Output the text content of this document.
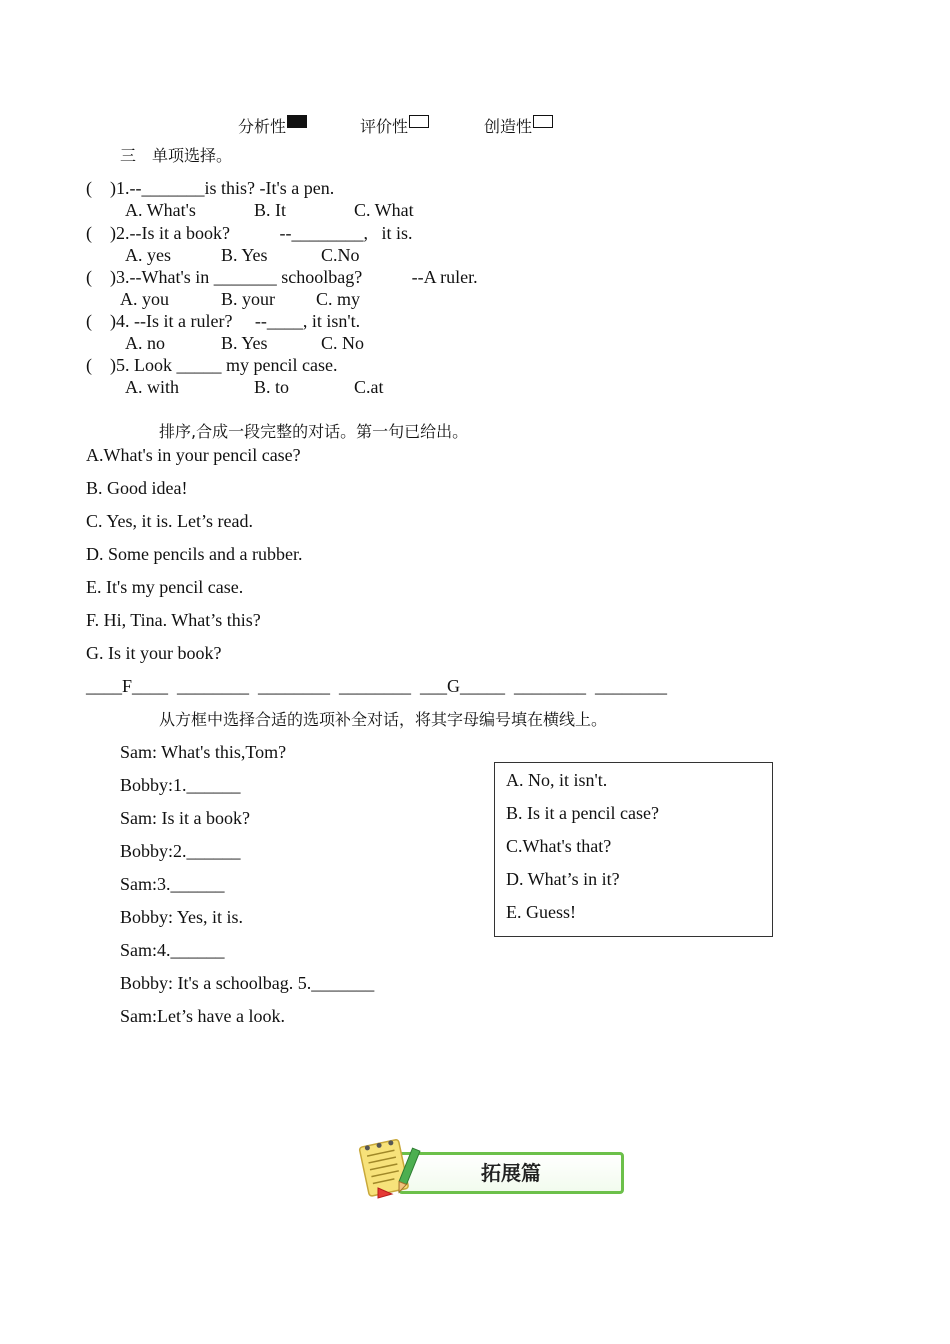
分析性	评价性	创造性
三　单项选择。
(    )1.--_______is this? -It's a pen.
A. What's	B. It	C. What
(    )2.--Is it a book?           --________,   it is.
A. yes	B. Yes	C.No
(    )3.--What's in _______ schoolbag?           --A ruler.
A. you	B. your C. my
(    )4. --Is it a ruler?     --____, it isn't.
A. no	B. Yes	C. No
(    )5. Look _____ my pencil case.
A. with	B. to	C.at
排序,合成一段完整的对话。第一句已给出。
A.What's in your pencil case?
B. Good idea!
C. Yes, it is. Let’s read.
D. Some pencils and a rubber.
E. It's my pencil case.
F. Hi, Tina. What’s this?
G. Is it your book?
____F____  ________  ________  ________  ___G_____  ________  ________
从方框中选择合适的选项补全对话，将其字母编号填在横线上。
Sam: What's this,Tom?
Bobby:1.______
Sam: Is it a book?
Bobby:2.______
Sam:3.______
Bobby: Yes, it is.
Sam:4.______
Bobby: It's a schoolbag. 5._______
Sam:Let’s have a look.
A. No, it isn't.
B. Is it a pencil case?
C.What's that?
D. What’s in it?
E. Guess!
拓展篇
